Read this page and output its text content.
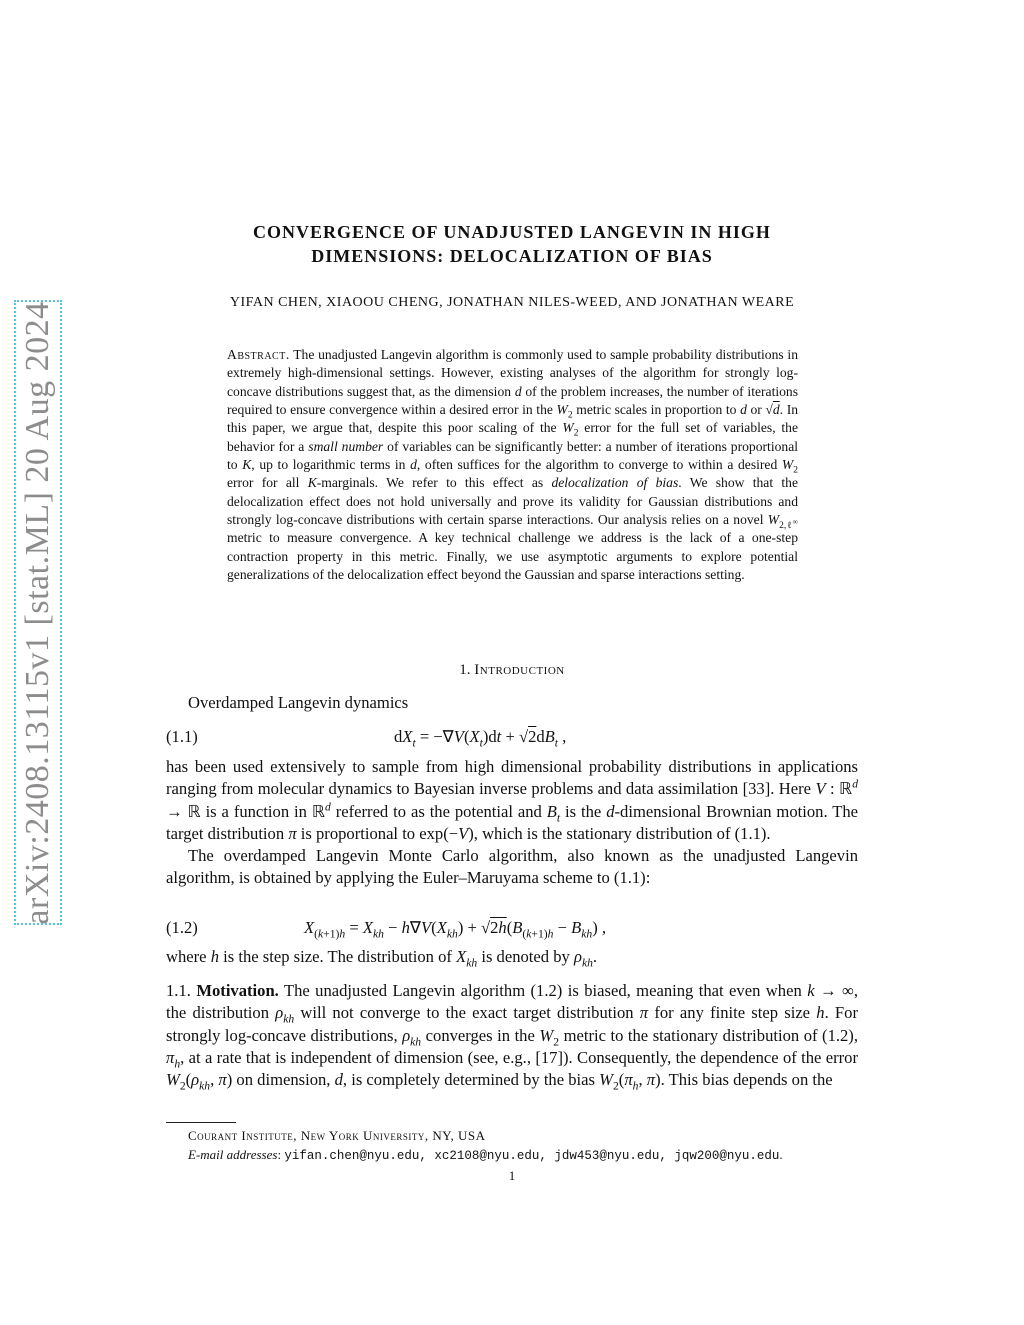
arXiv:2408.13115v1 [stat.ML] 20 Aug 2024
CONVERGENCE OF UNADJUSTED LANGEVIN IN HIGH
DIMENSIONS: DELOCALIZATION OF BIAS
YIFAN CHEN, XIAOOU CHENG, JONATHAN NILES-WEED, AND JONATHAN WEARE

Abstract. The unadjusted Langevin algorithm is commonly used to sample probability distributions in extremely high-dimensional settings. However, existing analyses of the algorithm for strongly log-concave distributions suggest that, as the dimension d of the problem increases, the number of iterations required to ensure convergence within a desired error in the $W_2$ metric scales in proportion to d or √d. In this paper, we argue that, despite this poor scaling of the $W_2$ error for the full set of variables, the behavior for a small number of variables can be significantly better: a number of iterations proportional to K, up to logarithmic terms in d, often suffices for the algorithm to converge to within a desired $W_2$ error for all K-marginals. We refer to this effect as delocalization of bias. We show that the delocalization effect does not hold universally and prove its validity for Gaussian distributions and strongly log-concave distributions with certain sparse interactions. Our analysis relies on a novel $W_{2,\ell^\infty}$ metric to measure convergence. A key technical challenge we address is the lack of a one-step contraction property in this metric. Finally, we use asymptotic arguments to explore potential generalizations of the delocalization effect beyond the Gaussian and sparse interactions setting.

1. Introduction

Overdamped Langevin dynamics

(1.1)	$dX_t = -\nabla V(X_t)dt + √2dB_t$ ,

has been used extensively to sample from high dimensional probability distributions in applications ranging from molecular dynamics to Bayesian inverse problems and data assimilation [33]. Here V : ℝ$^d$ → ℝ is a function in ℝ$^d$ referred to as the potential and $B_t$ is the d-dimensional Brownian motion. The target distribution π is proportional to exp(−V), which is the stationary distribution of (1.1).

The overdamped Langevin Monte Carlo algorithm, also known as the unadjusted Langevin algorithm, is obtained by applying the Euler–Maruyama scheme to (1.1):

(1.2)	$X_{(k+1)h} = X_{kh} - h\nabla V(X_{kh}) + √2h(B_{(k+1)h} - B_{kh})$ ,

where h is the step size. The distribution of $X_{kh}$ is denoted by $\rho_{kh}$.

1.1. Motivation. The unadjusted Langevin algorithm (1.2) is biased, meaning that even when k → ∞, the distribution $\rho_{kh}$ will not converge to the exact target distribution π for any finite step size h. For strongly log-concave distributions, $\rho_{kh}$ converges in the $W_2$ metric to the stationary distribution of (1.2), $\pi_h$, at a rate that is independent of dimension (see, e.g., [17]). Consequently, the dependence of the error $W_2(\rho_{kh}$, π) on dimension, d, is completely determined by the bias $W_2(\pi_h$, π). This bias depends on the

Courant Institute, New York University, NY, USA
E-mail addresses: yifan.chen@nyu.edu, xc2108@nyu.edu, jdw453@nyu.edu, jqw200@nyu.edu.
1
